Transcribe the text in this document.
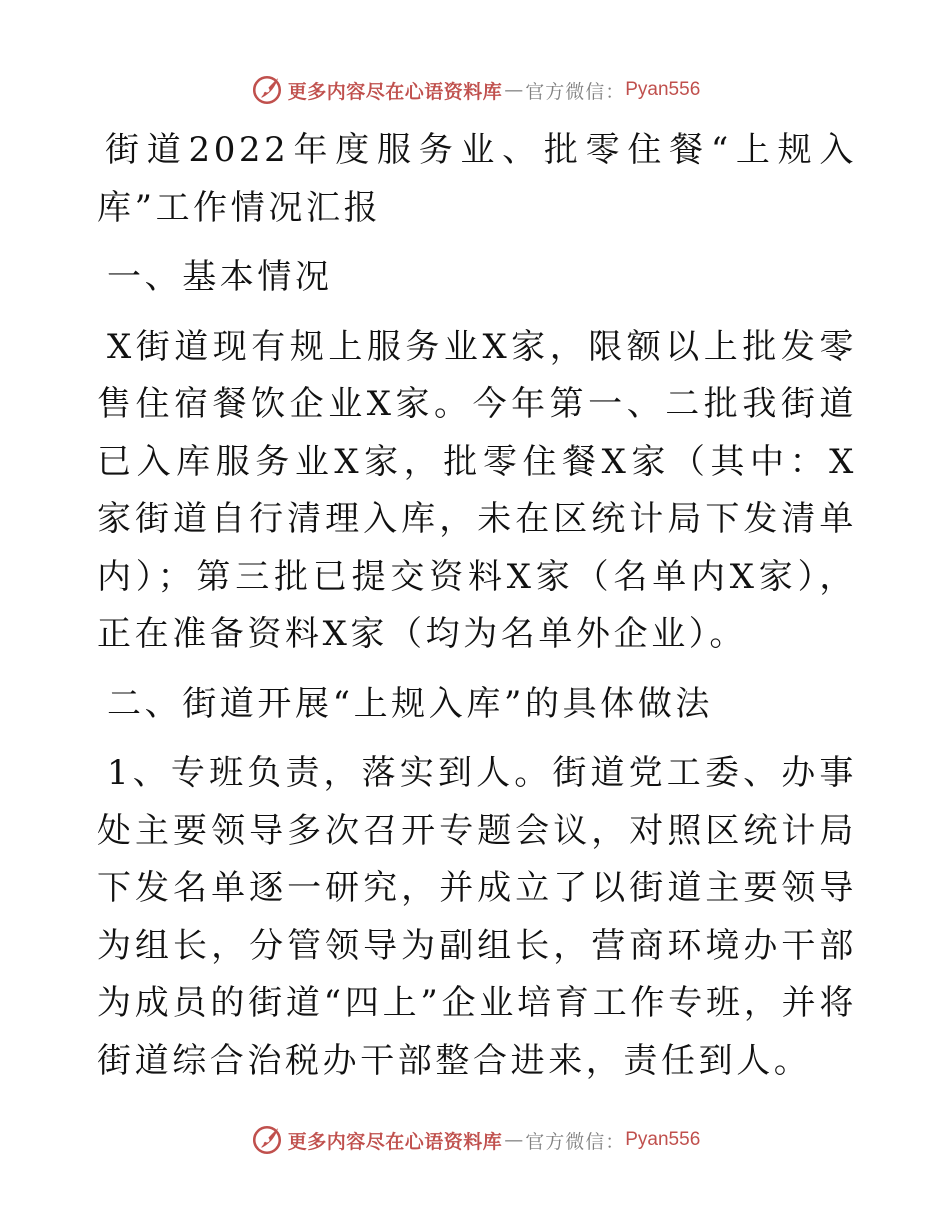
更多内容尽在心语资料库 — 官方微信： Pyan556

街道2022年度服务业、批零住餐“上规入库”工作情况汇报

一、基本情况

X街道现有规上服务业X家，限额以上批发零售住宿餐饮企业X家。今年第一、二批我街道已入库服务业X家，批零住餐X家（其中：X家街道自行清理入库，未在区统计局下发清单内）；第三批已提交资料X家（名单内X家），正在准备资料X家（均为名单外企业）。

二、街道开展“上规入库”的具体做法

1、专班负责，落实到人。街道党工委、办事处主要领导多次召开专题会议，对照区统计局下发名单逐一研究，并成立了以街道主要领导为组长，分管领导为副组长，营商环境办干部为成员的街道“四上”企业培育工作专班，并将街道综合治税办干部整合进来，责任到人。

更多内容尽在心语资料库 — 官方微信： Pyan556
